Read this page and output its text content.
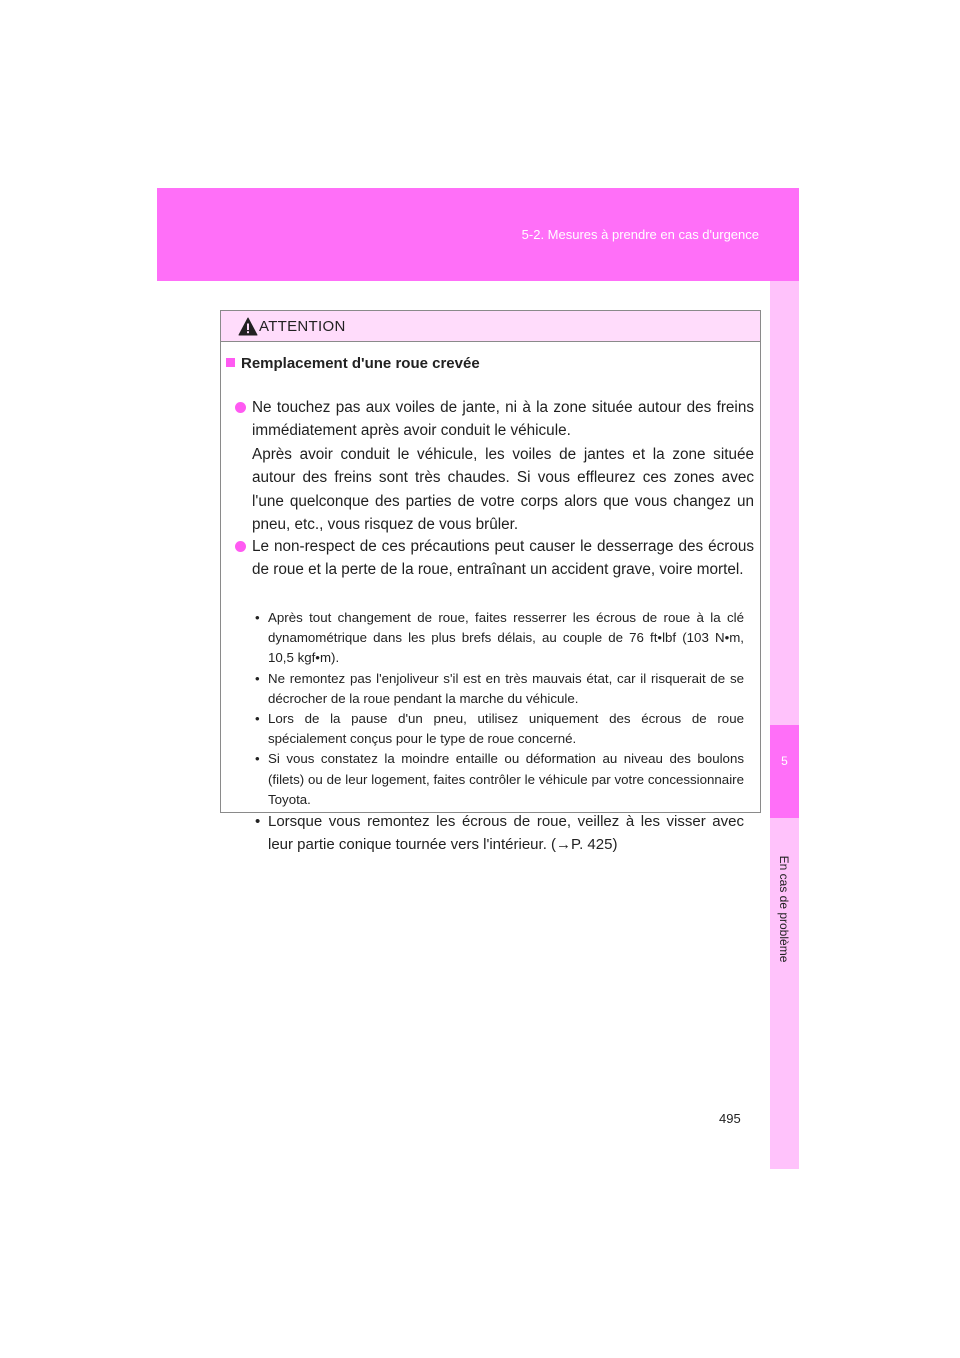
5-2. Mesures à prendre en cas d'urgence
5
En cas de problème
ATTENTION
Remplacement d'une roue crevée
Ne touchez pas aux voiles de jante, ni à la zone située autour des freins immédiatement après avoir conduit le véhicule.
Après avoir conduit le véhicule, les voiles de jantes et la zone située autour des freins sont très chaudes. Si vous effleurez ces zones avec l'une quelconque des parties de votre corps alors que vous changez un pneu, etc., vous risquez de vous brûler.
Le non-respect de ces précautions peut causer le desserrage des écrous de roue et la perte de la roue, entraînant un accident grave, voire mortel.
• Après tout changement de roue, faites resserrer les écrous de roue à la clé dynamométrique dans les plus brefs délais, au couple de 76 ft•lbf (103 N•m, 10,5 kgf•m).
• Ne remontez pas l'enjoliveur s'il est en très mauvais état, car il risquerait de se décrocher de la roue pendant la marche du véhicule.
• Lors de la pause d'un pneu, utilisez uniquement des écrous de roue spécialement conçus pour le type de roue concerné.
• Si vous constatez la moindre entaille ou déformation au niveau des boulons (filets) ou de leur logement, faites contrôler le véhicule par votre concessionnaire Toyota.
• Lorsque vous remontez les écrous de roue, veillez à les visser avec leur partie conique tournée vers l'intérieur. (→P. 425)
495
